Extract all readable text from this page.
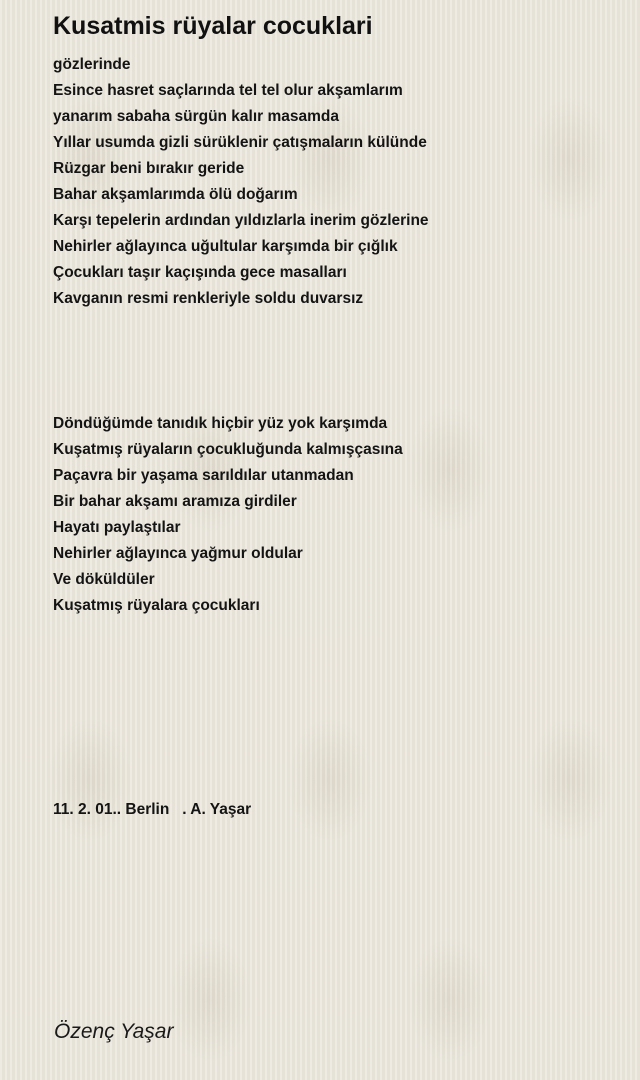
Kusatmis rüyalar cocuklari
gözlerinde
Esince hasret saçlarında tel tel olur akşamlarım
yanarım sabaha sürgün kalır masamda
Yıllar usumda gizli sürüklenir çatışmaların külünde
Rüzgar beni bırakır geride
Bahar akşamlarımda ölü doğarım
Karşı tepelerin ardından yıldızlarla inerim gözlerine
Nehirler ağlayınca uğultular karşımda bir çığlık
Çocukları taşır kaçışında gece masalları
Kavganın resmi renkleriyle soldu duvarsız
Döndüğümde tanıdık hiçbir yüz yok karşımda
Kuşatmış rüyaların çocukluğunda kalmışçasına
Paçavra bir yaşama sarıldılar utanmadan
Bir bahar akşamı aramıza girdiler
Hayatı paylaştılar
Nehirler ağlayınca yağmur oldular
Ve döküldüler
Kuşatmış rüyalara çocukları
11. 2. 01.. Berlin   . A. Yaşar
Özenç Yaşar
